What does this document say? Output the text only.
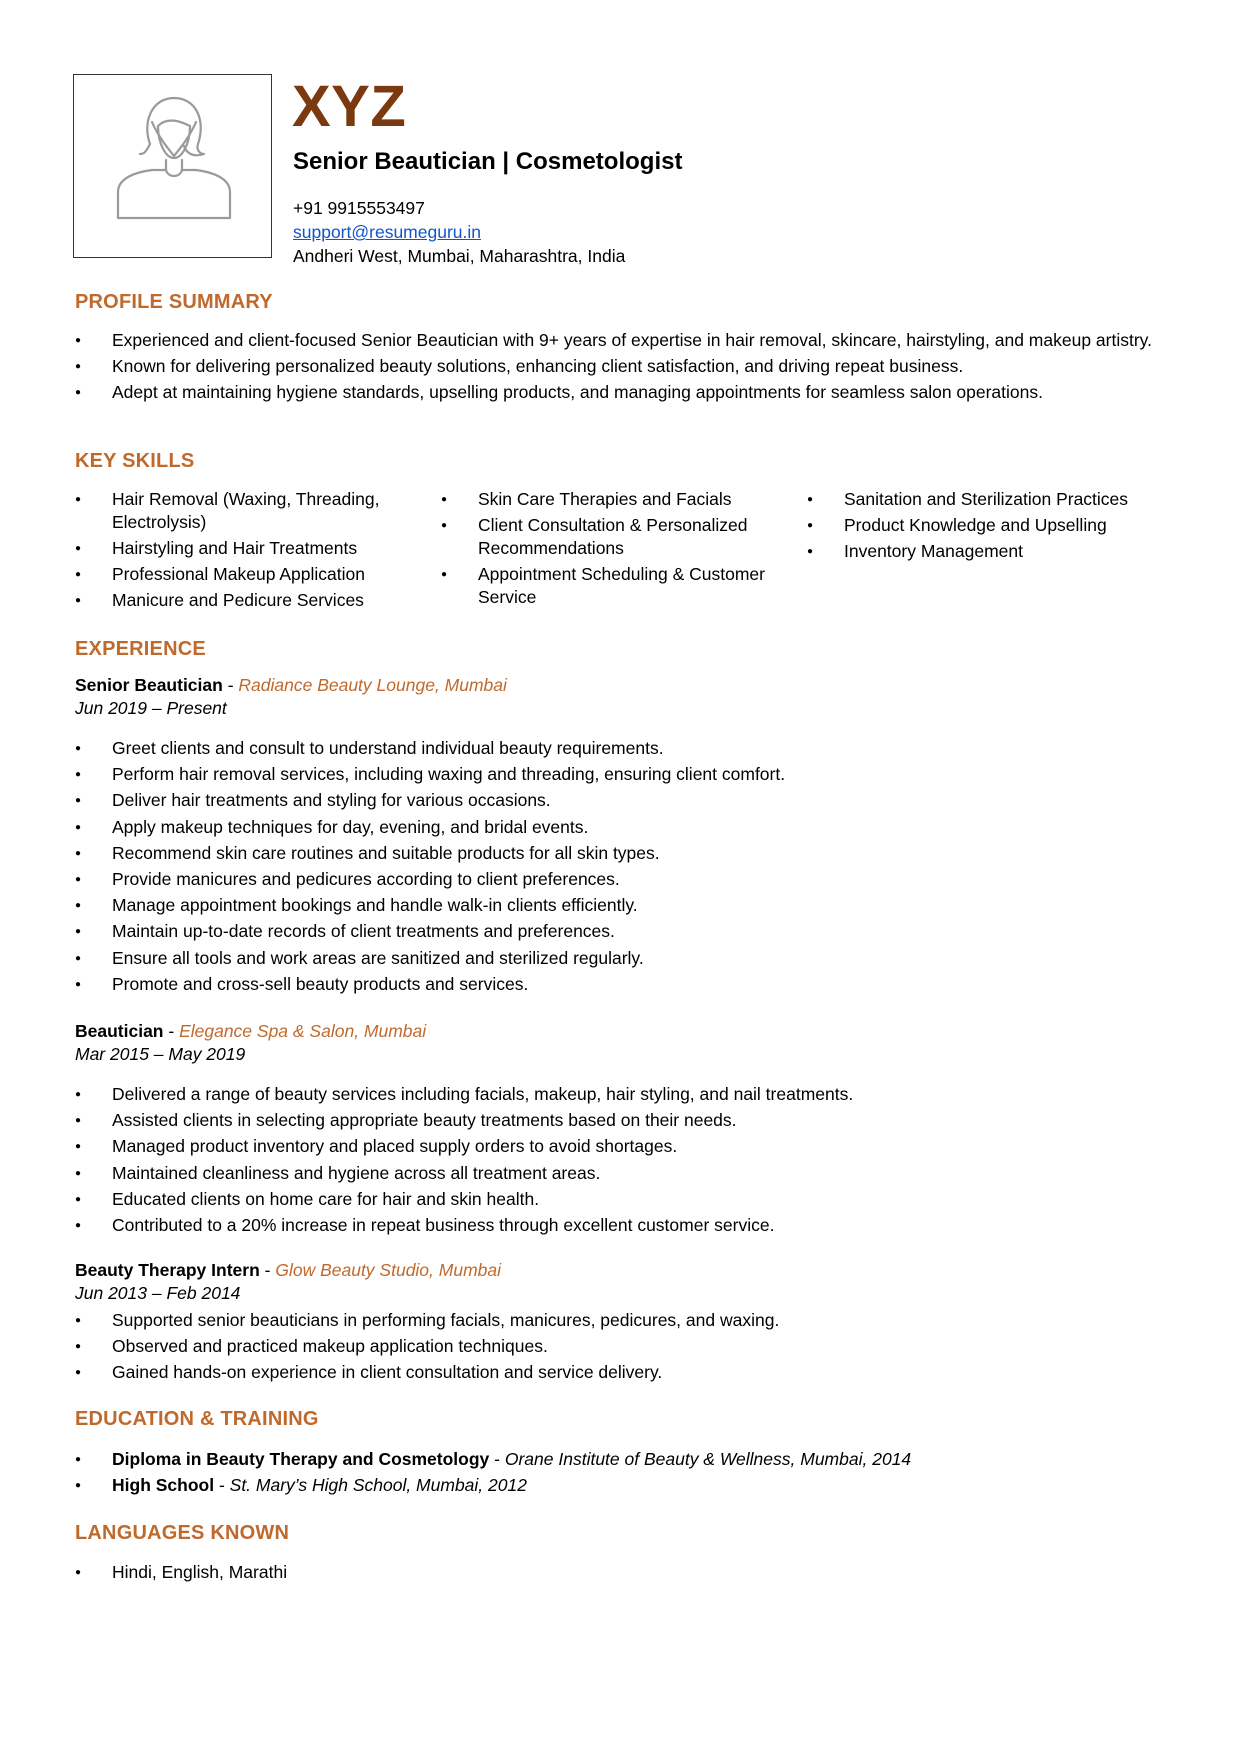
XYZ
Senior Beautician | Cosmetologist
+91 9915553497
support@resumeguru.in
Andheri West, Mumbai, Maharashtra, India
PROFILE SUMMARY
● Experienced and client-focused Senior Beautician with 9+ years of expertise in hair removal, skincare, hairstyling, and makeup artistry.
● Known for delivering personalized beauty solutions, enhancing client satisfaction, and driving repeat business.
● Adept at maintaining hygiene standards, upselling products, and managing appointments for seamless salon operations.
KEY SKILLS
● Hair Removal (Waxing, Threading, Electrolysis)
● Hairstyling and Hair Treatments
● Professional Makeup Application
● Manicure and Pedicure Services
● Skin Care Therapies and Facials
● Client Consultation & Personalized Recommendations
● Appointment Scheduling & Customer Service
● Sanitation and Sterilization Practices
● Product Knowledge and Upselling
● Inventory Management
EXPERIENCE
Senior Beautician - Radiance Beauty Lounge, Mumbai
Jun 2019 – Present
● Greet clients and consult to understand individual beauty requirements.
● Perform hair removal services, including waxing and threading, ensuring client comfort.
● Deliver hair treatments and styling for various occasions.
● Apply makeup techniques for day, evening, and bridal events.
● Recommend skin care routines and suitable products for all skin types.
● Provide manicures and pedicures according to client preferences.
● Manage appointment bookings and handle walk-in clients efficiently.
● Maintain up-to-date records of client treatments and preferences.
● Ensure all tools and work areas are sanitized and sterilized regularly.
● Promote and cross-sell beauty products and services.
Beautician - Elegance Spa & Salon, Mumbai
Mar 2015 – May 2019
● Delivered a range of beauty services including facials, makeup, hair styling, and nail treatments.
● Assisted clients in selecting appropriate beauty treatments based on their needs.
● Managed product inventory and placed supply orders to avoid shortages.
● Maintained cleanliness and hygiene across all treatment areas.
● Educated clients on home care for hair and skin health.
● Contributed to a 20% increase in repeat business through excellent customer service.
Beauty Therapy Intern - Glow Beauty Studio, Mumbai
Jun 2013 – Feb 2014
● Supported senior beauticians in performing facials, manicures, pedicures, and waxing.
● Observed and practiced makeup application techniques.
● Gained hands-on experience in client consultation and service delivery.
EDUCATION & TRAINING
● Diploma in Beauty Therapy and Cosmetology - Orane Institute of Beauty & Wellness, Mumbai, 2014
● High School - St. Mary’s High School, Mumbai, 2012
LANGUAGES KNOWN
● Hindi, English, Marathi
